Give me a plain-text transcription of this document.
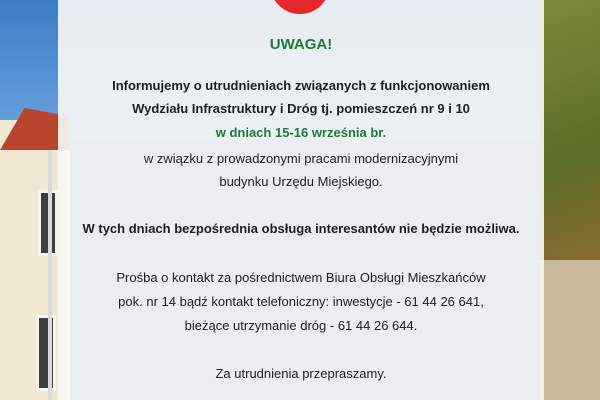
UWAGA!
Informujemy o utrudnieniach związanych z funkcjonowaniem
Wydziału Infrastruktury i Dróg tj. pomieszczeń nr 9 i 10
w dniach 15-16 września br.
w związku z prowadzonymi pracami modernizacyjnymi
budynku Urzędu Miejskiego.
W tych dniach bezpośrednia obsługa interesantów nie będzie możliwa.
Prośba o kontakt za pośrednictwem Biura Obsługi Mieszkańców
pok. nr 14 bądź kontakt telefoniczny: inwestycje - 61 44 26 641,
bieżące utrzymanie dróg - 61 44 26 644.
Za utrudnienia przepraszamy.
